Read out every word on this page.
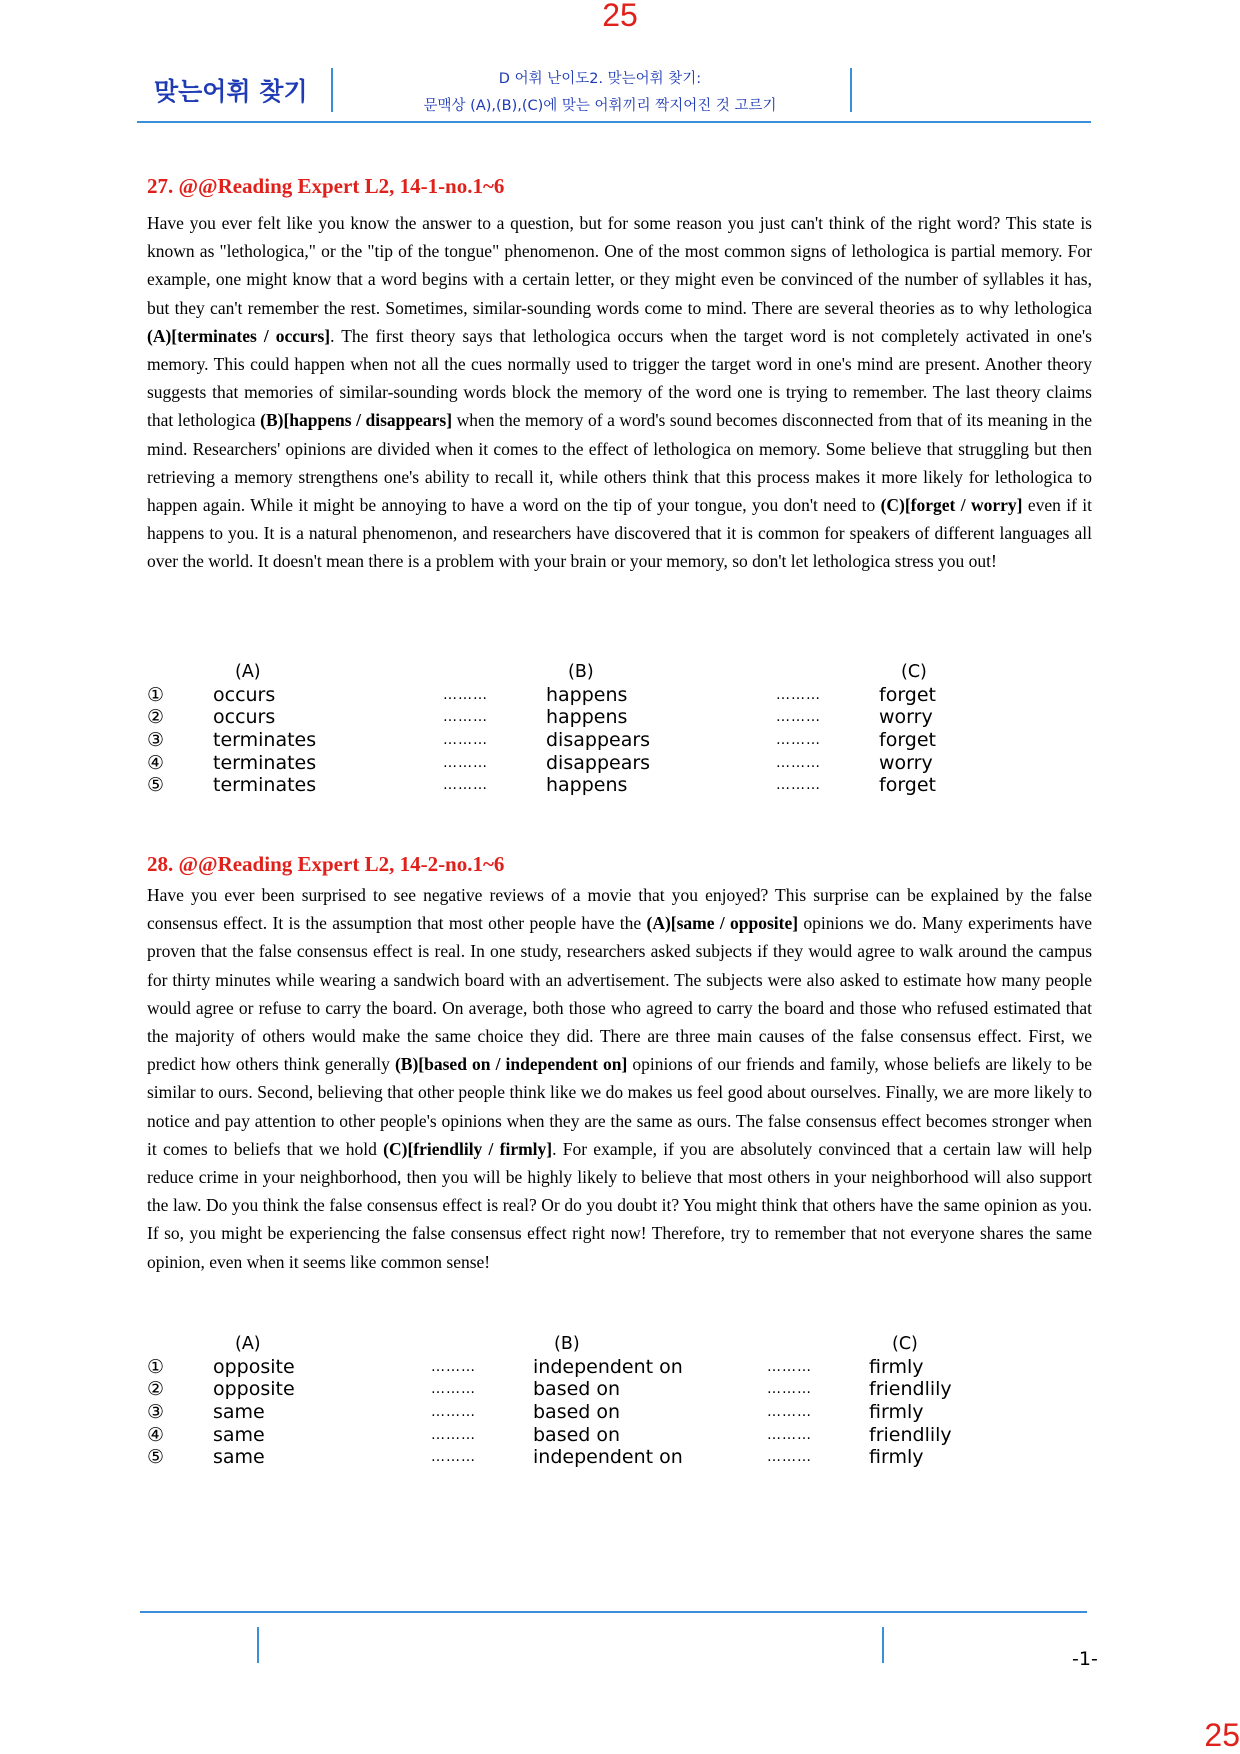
25
맞는어휘 찾기	D 어휘 난이도2. 맞는어휘 찾기:
문맥상 (A),(B),(C)에 맞는 어휘끼리 짝지어진 것 고르기
27. @@Reading Expert L2, 14-1-no.1~6

Have you ever felt like you know the answer to a question, but for some reason you just can't think of the right word? This state is known as "lethologica," or the "tip of the tongue" phenomenon. One of the most common signs of lethologica is partial memory. For example, one might know that a word begins with a certain letter, or they might even be convinced of the number of syllables it has, but they can't remember the rest. Sometimes, similar-sounding words come to mind. There are several theories as to why lethologica (A)[terminates / occurs]. The first theory says that lethologica occurs when the target word is not completely activated in one's memory. This could happen when not all the cues normally used to trigger the target word in one's mind are present. Another theory suggests that memories of similar-sounding words block the memory of the word one is trying to remember. The last theory claims that lethologica (B)[happens / disappears] when the memory of a word's sound becomes disconnected from that of its meaning in the mind. Researchers' opinions are divided when it comes to the effect of lethologica on memory. Some believe that struggling but then retrieving a memory strengthens one's ability to recall it, while others think that this process makes it more likely for lethologica to happen again. While it might be annoying to have a word on the tip of your tongue, you don't need to (C)[forget / worry] even if it happens to you. It is a natural phenomenon, and researchers have discovered that it is common for speakers of different languages all over the world. It doesn't mean there is a problem with your brain or your memory, so don't let lethologica stress you out!

(A)	(B)	(C)
①	occurs	………	happens	………	forget
②	occurs	………	happens	………	worry
③	terminates	………	disappears	………	forget
④	terminates	………	disappears	………	worry
⑤	terminates	………	happens	………	forget
28. @@Reading Expert L2, 14-2-no.1~6

Have you ever been surprised to see negative reviews of a movie that you enjoyed? This surprise can be explained by the false consensus effect. It is the assumption that most other people have the (A)[same / opposite] opinions we do. Many experiments have proven that the false consensus effect is real. In one study, researchers asked subjects if they would agree to walk around the campus for thirty minutes while wearing a sandwich board with an advertisement. The subjects were also asked to estimate how many people would agree or refuse to carry the board. On average, both those who agreed to carry the board and those who refused estimated that the majority of others would make the same choice they did. There are three main causes of the false consensus effect. First, we predict how others think generally (B)[based on / independent on] opinions of our friends and family, whose beliefs are likely to be similar to ours. Second, believing that other people think like we do makes us feel good about ourselves. Finally, we are more likely to notice and pay attention to other people's opinions when they are the same as ours. The false consensus effect becomes stronger when it comes to beliefs that we hold (C)[friendlily / firmly]. For example, if you are absolutely convinced that a certain law will help reduce crime in your neighborhood, then you will be highly likely to believe that most others in your neighborhood will also support the law. Do you think the false consensus effect is real? Or do you doubt it? You might think that others have the same opinion as you. If so, you might be experiencing the false consensus effect right now! Therefore, try to remember that not everyone shares the same opinion, even when it seems like common sense!

(A)	(B)	(C)
①	opposite	………	independent on	………	firmly
②	opposite	………	based on	………	friendlily
③	same	………	based on	………	firmly
④	same	………	based on	………	friendlily
⑤	same	………	independent on	………	firmly
-1-
25
